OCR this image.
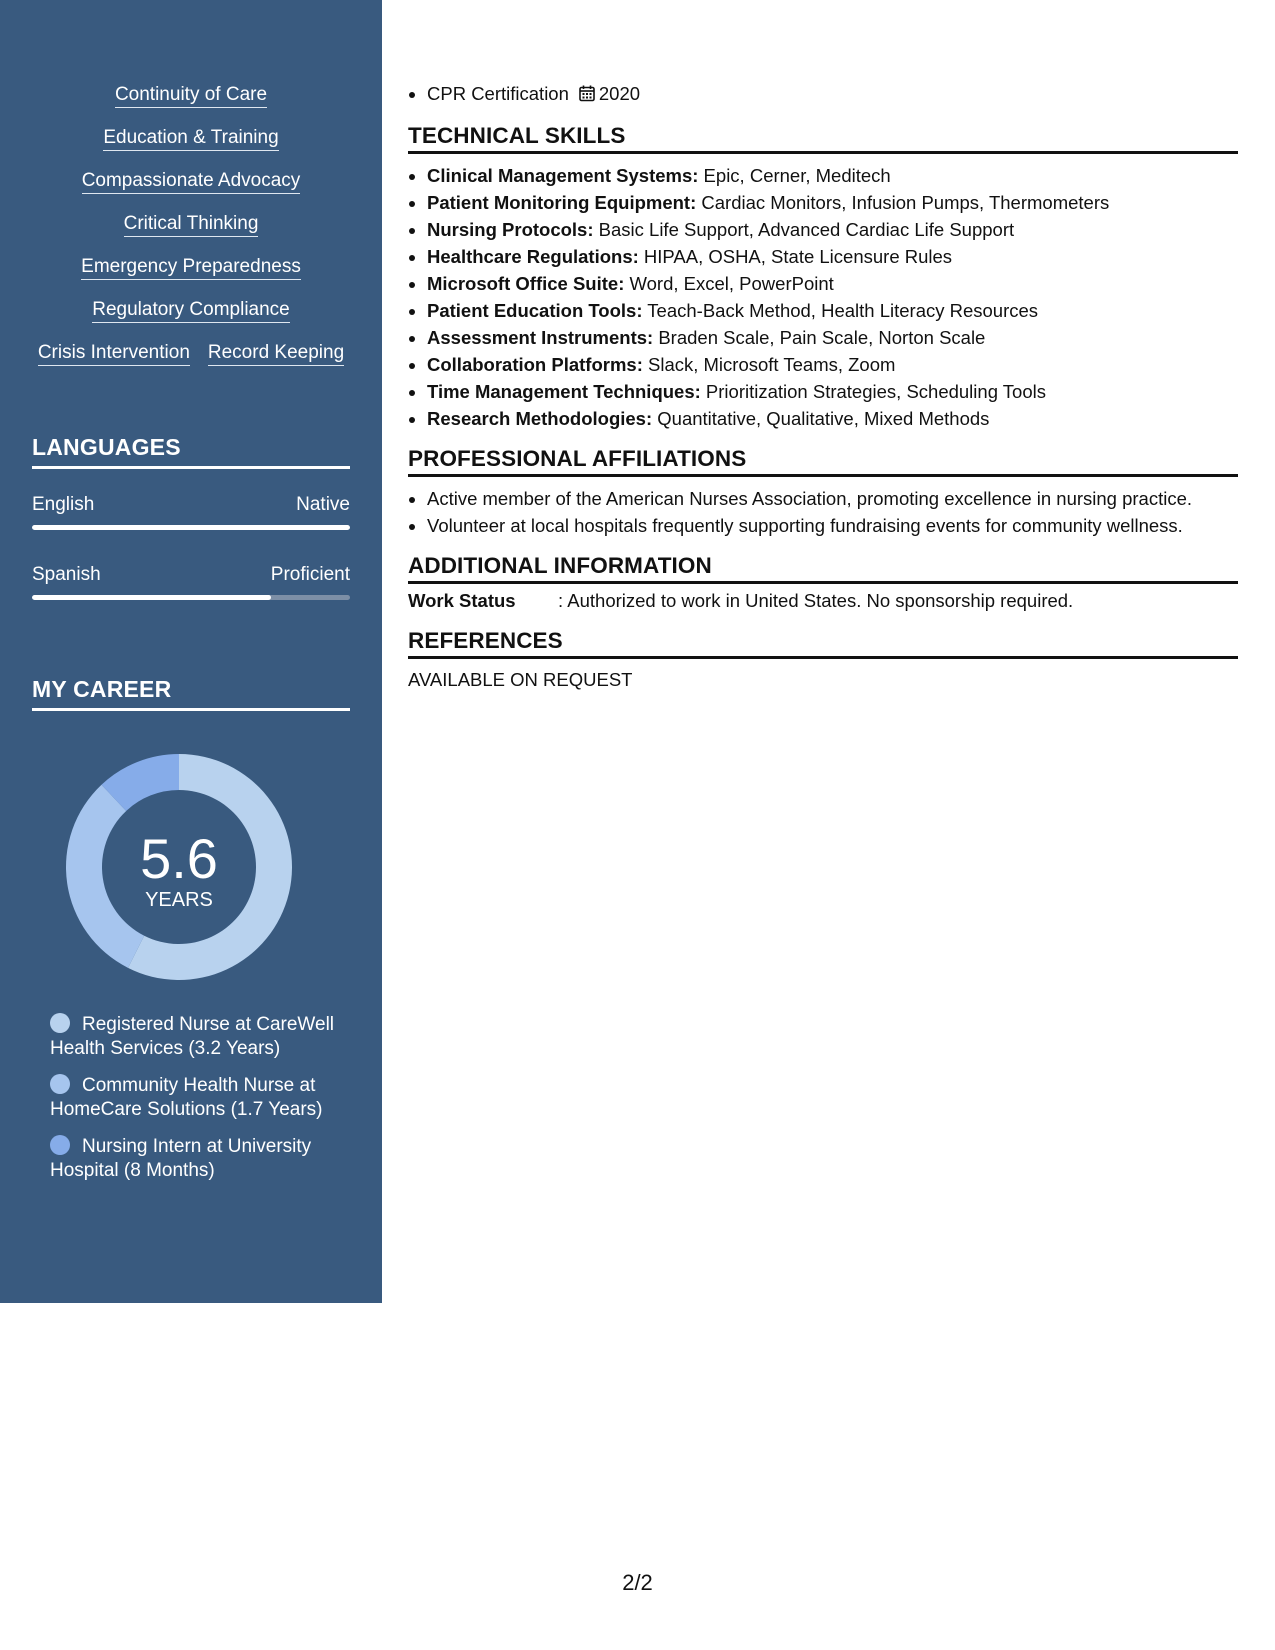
Continuity of Care
Education & Training
Compassionate Advocacy
Critical Thinking
Emergency Preparedness
Regulatory Compliance
Crisis Intervention Record Keeping
LANGUAGES
English	Native
Spanish	Proficient
MY CAREER
5.6
YEARS
Registered Nurse at CareWell Health Services (3.2 Years)
Community Health Nurse at HomeCare Solutions (1.7 Years)
Nursing Intern at University Hospital (8 Months)
• CPR Certification 2020
TECHNICAL SKILLS
• Clinical Management Systems: Epic, Cerner, Meditech
• Patient Monitoring Equipment: Cardiac Monitors, Infusion Pumps, Thermometers
• Nursing Protocols: Basic Life Support, Advanced Cardiac Life Support
• Healthcare Regulations: HIPAA, OSHA, State Licensure Rules
• Microsoft Office Suite: Word, Excel, PowerPoint
• Patient Education Tools: Teach-Back Method, Health Literacy Resources
• Assessment Instruments: Braden Scale, Pain Scale, Norton Scale
• Collaboration Platforms: Slack, Microsoft Teams, Zoom
• Time Management Techniques: Prioritization Strategies, Scheduling Tools
• Research Methodologies: Quantitative, Qualitative, Mixed Methods
PROFESSIONAL AFFILIATIONS
• Active member of the American Nurses Association, promoting excellence in nursing practice.
• Volunteer at local hospitals frequently supporting fundraising events for community wellness.
ADDITIONAL INFORMATION
Work Status	: Authorized to work in United States. No sponsorship required.
REFERENCES
AVAILABLE ON REQUEST
2/2
